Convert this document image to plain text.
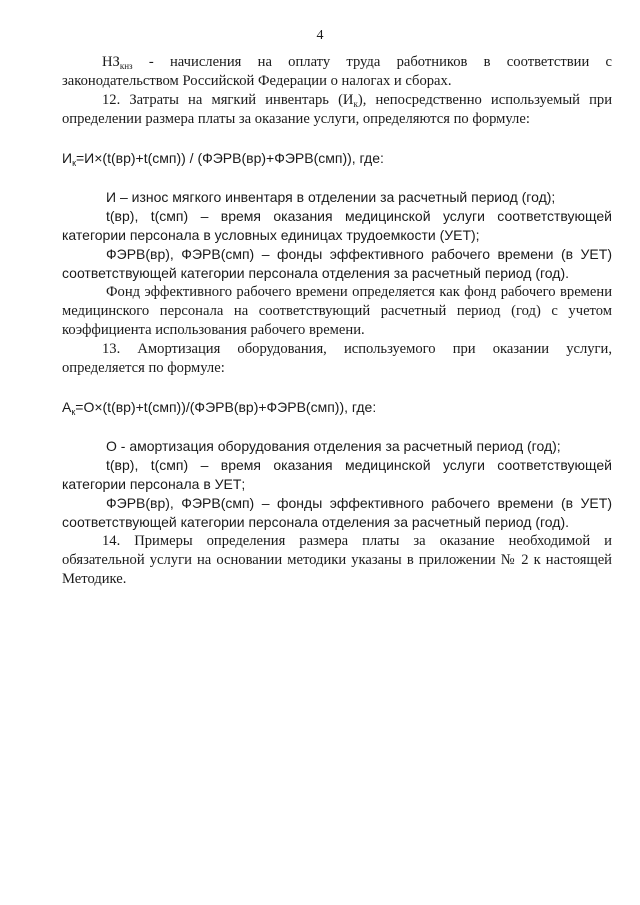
4

$НЗ_{кнз}$ - начисления на оплату труда работников в соответствии с законодательством Российской Федерации о налогах и сборах.

12. Затраты на мягкий инвентарь $(И_к)$, непосредственно используемый при определении размера платы за оказание услуги, определяются по формуле:

$И_к=И\times(t(вр)+t(смп))$ / (ФЭРВ(вр)+ФЭРВ(смп)), где:

И – износ мягкого инвентаря в отделении за расчетный период (год);

t(вр), t(смп) – время оказания медицинской услуги соответствующей категории персонала в условных единицах трудоемкости (УЕТ);

ФЭРВ(вр), ФЭРВ(смп) – фонды эффективного рабочего времени (в УЕТ) соответствующей категории персонала отделения за расчетный период (год).

Фонд эффективного рабочего времени определяется как фонд рабочего времени медицинского персонала на соответствующий расчетный период (год) с учетом коэффициента использования рабочего времени.

13. Амортизация оборудования, используемого при оказании услуги, определяется по формуле:

$А_к=О\times(t(вр)+t(смп))/(ФЭРВ(вр)+ФЭРВ(смп))$, где:

О - амортизация оборудования отделения за расчетный период (год);

t(вр), t(смп) – время оказания медицинской услуги соответствующей категории персонала в УЕТ;

ФЭРВ(вр), ФЭРВ(смп) – фонды эффективного рабочего времени (в УЕТ) соответствующей категории персонала отделения за расчетный период (год).

14. Примеры определения размера платы за оказание необходимой и обязательной услуги на основании методики указаны в приложении № 2 к настоящей Методике.
